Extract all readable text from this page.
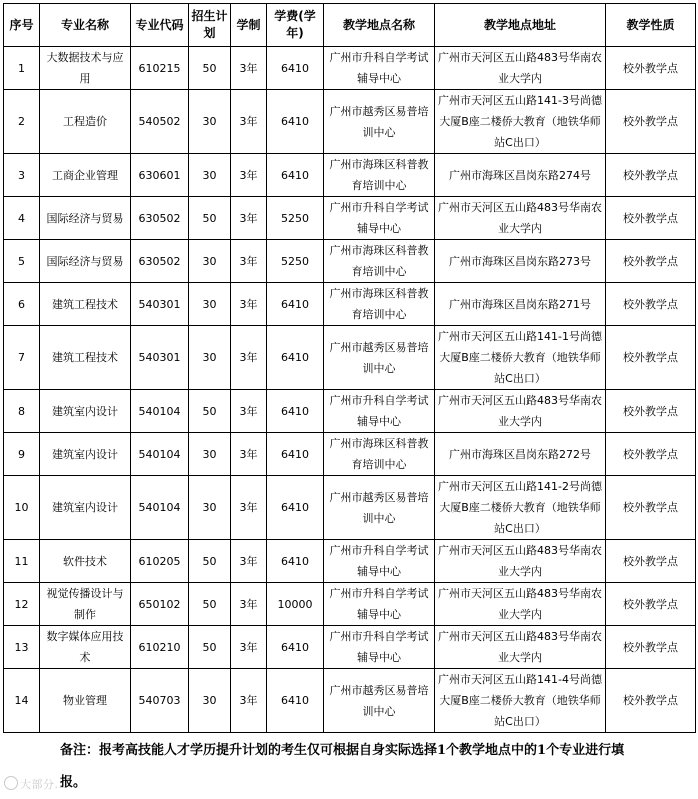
序号	专业名称	专业代码	招生计划	学制	学费(学年)	教学地点名称	教学地点地址	教学性质
1	大数据技术与应用	610215	50	3年	6410	广州市升科自学考试辅导中心	广州市天河区五山路483号华南农业大学内	校外教学点
2	工程造价	540502	30	3年	6410	广州市越秀区易普培训中心	广州市天河区五山路141-3号尚德大厦B座二楼侨大教育（地铁华师站C出口）	校外教学点
3	工商企业管理	630601	30	3年	6410	广州市海珠区科普教育培训中心	广州市海珠区昌岗东路274号	校外教学点
4	国际经济与贸易	630502	50	3年	5250	广州市升科自学考试辅导中心	广州市天河区五山路483号华南农业大学内	校外教学点
5	国际经济与贸易	630502	30	3年	5250	广州市海珠区科普教育培训中心	广州市海珠区昌岗东路273号	校外教学点
6	建筑工程技术	540301	30	3年	6410	广州市海珠区科普教育培训中心	广州市海珠区昌岗东路271号	校外教学点
7	建筑工程技术	540301	30	3年	6410	广州市越秀区易普培训中心	广州市天河区五山路141-1号尚德大厦B座二楼侨大教育（地铁华师站C出口）	校外教学点
8	建筑室内设计	540104	50	3年	6410	广州市升科自学考试辅导中心	广州市天河区五山路483号华南农业大学内	校外教学点
9	建筑室内设计	540104	30	3年	6410	广州市海珠区科普教育培训中心	广州市海珠区昌岗东路272号	校外教学点
10	建筑室内设计	540104	30	3年	6410	广州市越秀区易普培训中心	广州市天河区五山路141-2号尚德大厦B座二楼侨大教育（地铁华师站C出口）	校外教学点
11	软件技术	610205	50	3年	6410	广州市升科自学考试辅导中心	广州市天河区五山路483号华南农业大学内	校外教学点
12	视觉传播设计与制作	650102	50	3年	10000	广州市升科自学考试辅导中心	广州市天河区五山路483号华南农业大学内	校外教学点
13	数字媒体应用技术	610210	50	3年	6410	广州市升科自学考试辅导中心	广州市天河区五山路483号华南农业大学内	校外教学点
14	物业管理	540703	30	3年	6410	广州市越秀区易普培训中心	广州市天河区五山路141-4号尚德大厦B座二楼侨大教育（地铁华师站C出口）	校外教学点
备注：报考高技能人才学历提升计划的考生仅可根据自身实际选择1个教学地点中的1个专业进行填报。
大部分...
